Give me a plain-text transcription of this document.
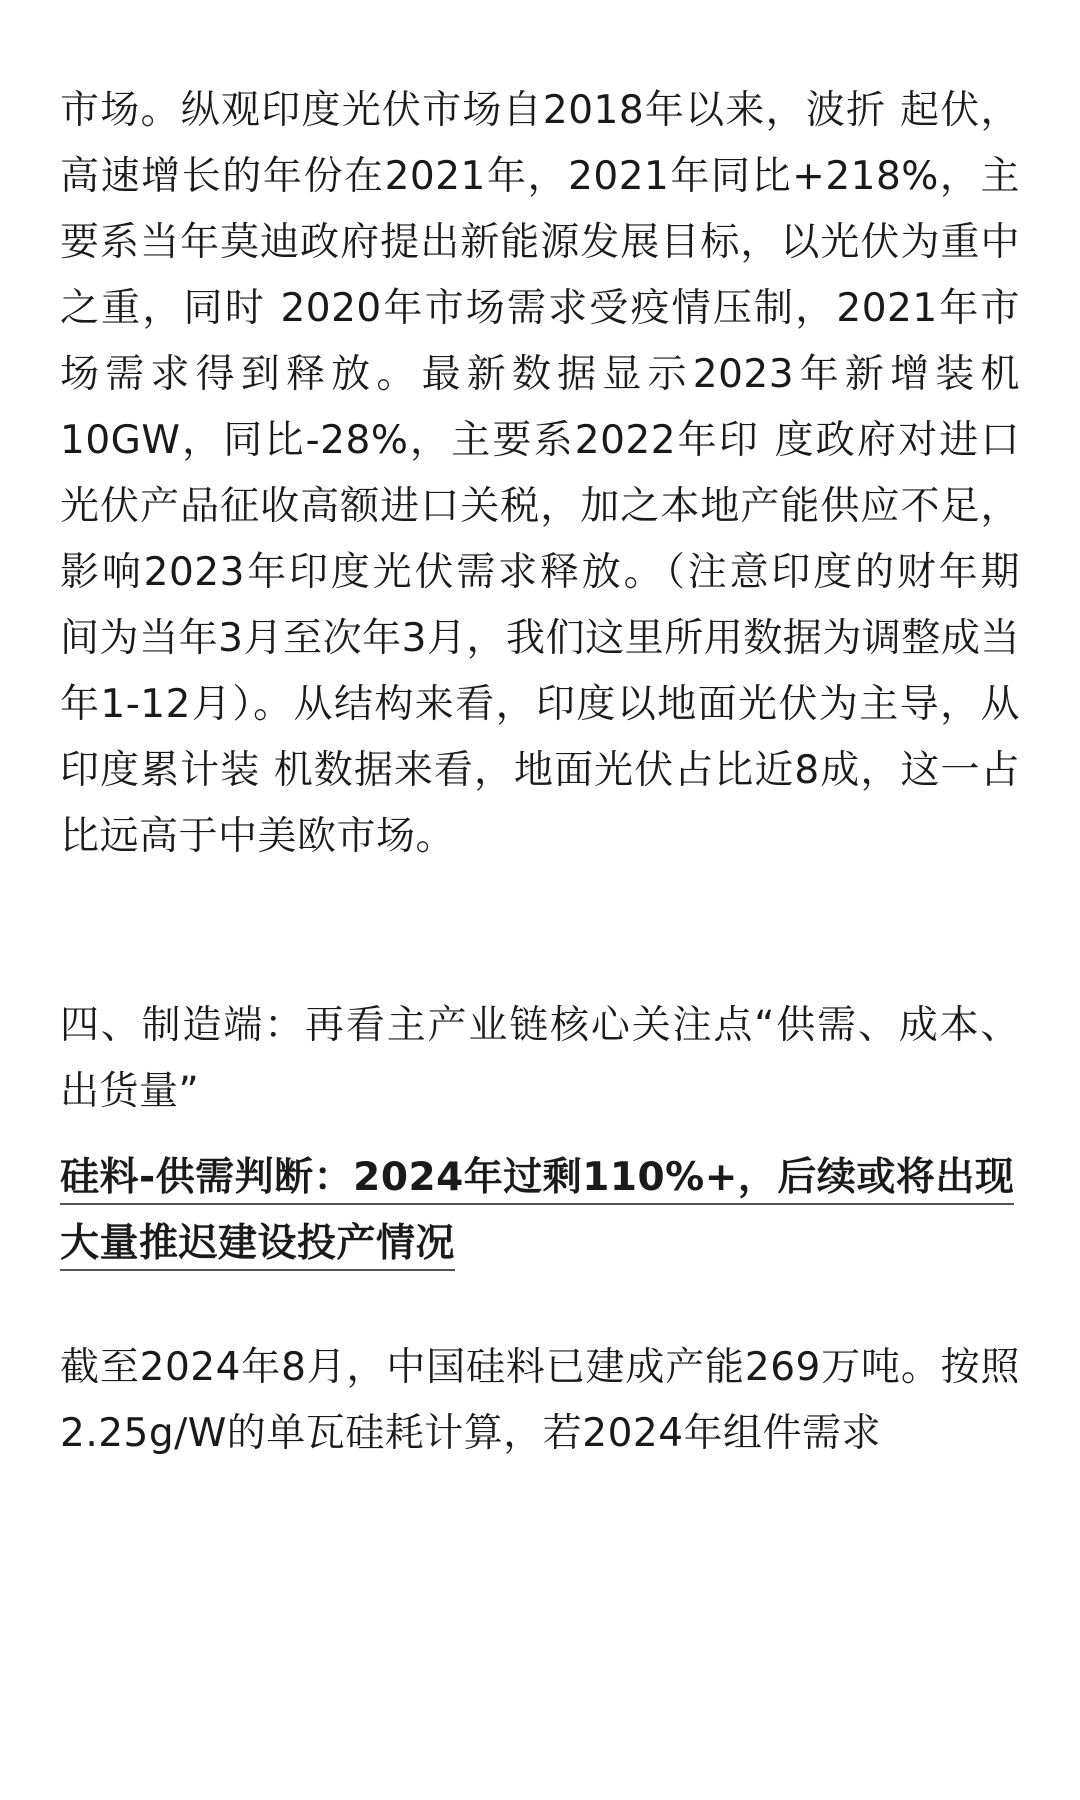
市场。纵观印度光伏市场自2018年以来，波折 起伏，高速增长的年份在2021年，2021年同比+218%，主要系当年莫迪政府提出新能源发展目标，以光伏为重中之重，同时 2020年市场需求受疫情压制，2021年市场需求得到释放。最新数据显示2023年新增装机10GW，同比-28%，主要系2022年印 度政府对进口光伏产品征收高额进口关税，加之本地产能供应不足，影响2023年印度光伏需求释放。（注意印度的财年期 间为当年3月至次年3月，我们这里所用数据为调整成当年1-12月）。从结构来看，印度以地面光伏为主导，从印度累计装 机数据来看，地面光伏占比近8成，这一占比远高于中美欧市场。

四、制造端：再看主产业链核心关注点“供需、成本、出货量”

硅料-供需判断：2024年过剩110%+，后续或将出现大量推迟建设投产情况

截至2024年8月，中国硅料已建成产能269万吨。按照2.25g/W的单瓦硅耗计算，若2024年组件需求
